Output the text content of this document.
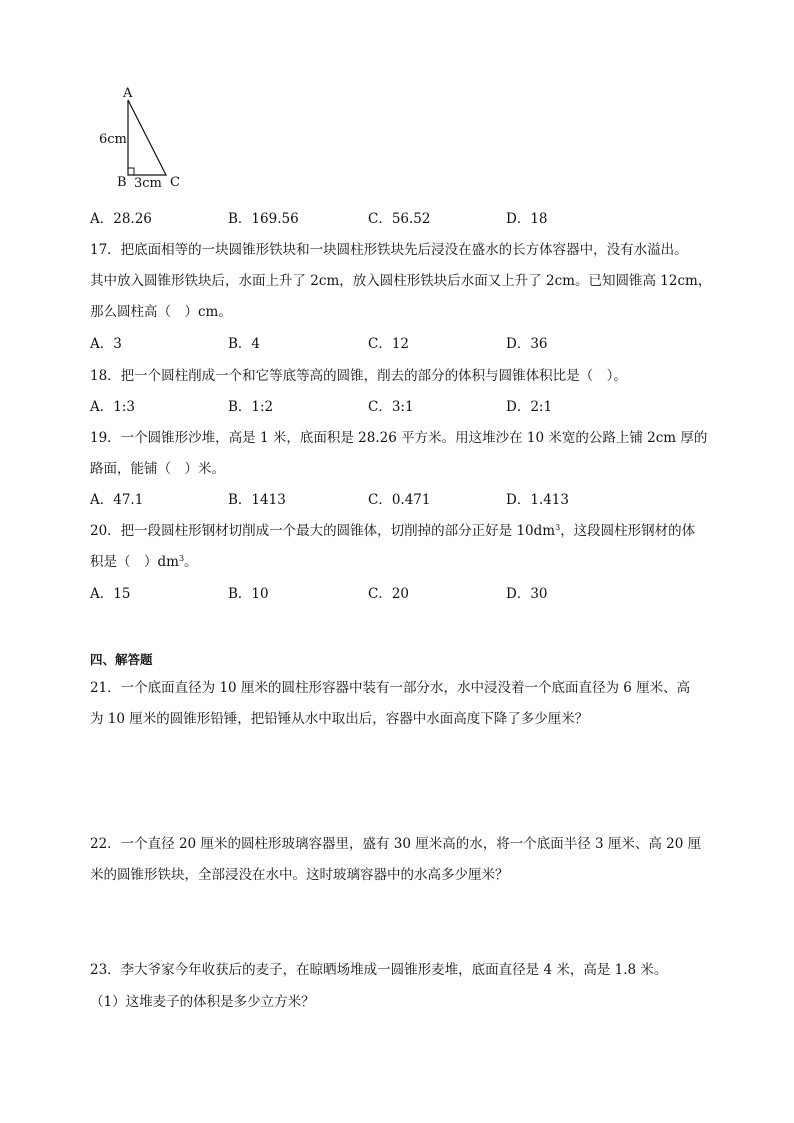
A
6cm
B 3cm C
A．28.26	B．169.56	C．56.52	D．18
17．把底面相等的一块圆锥形铁块和一块圆柱形铁块先后浸没在盛水的长方体容器中，没有水溢出。
其中放入圆锥形铁块后，水面上升了 2cm，放入圆柱形铁块后水面又上升了 2cm。已知圆锥高 12cm，
那么圆柱高（　）cm。
A．3	B．4	C．12	D．36
18．把一个圆柱削成一个和它等底等高的圆锥，削去的部分的体积与圆锥体积比是（　）。
A．1:3	B．1:2	C．3:1	D．2:1
19．一个圆锥形沙堆，高是 1 米，底面积是 28.26 平方米。用这堆沙在 10 米宽的公路上铺 2cm 厚的
路面，能铺（　）米。
A．47.1	B．1413	C．0.471	D．1.413
20．把一段圆柱形钢材切削成一个最大的圆锥体，切削掉的部分正好是 $10dm^3$，这段圆柱形钢材的体
积是（　）$dm^3$。
A．15	B．10	C．20	D．30
四、解答题
21．一个底面直径为 10 厘米的圆柱形容器中装有一部分水，水中浸没着一个底面直径为 6 厘米、高
为 10 厘米的圆锥形铅锤，把铅锤从水中取出后，容器中水面高度下降了多少厘米？
22．一个直径 20 厘米的圆柱形玻璃容器里，盛有 30 厘米高的水，将一个底面半径 3 厘米、高 20 厘
米的圆锥形铁块，全部浸没在水中。这时玻璃容器中的水高多少厘米？
23．李大爷家今年收获后的麦子，在晾晒场堆成一圆锥形麦堆，底面直径是 4 米，高是 1.8 米。
（1）这堆麦子的体积是多少立方米？
